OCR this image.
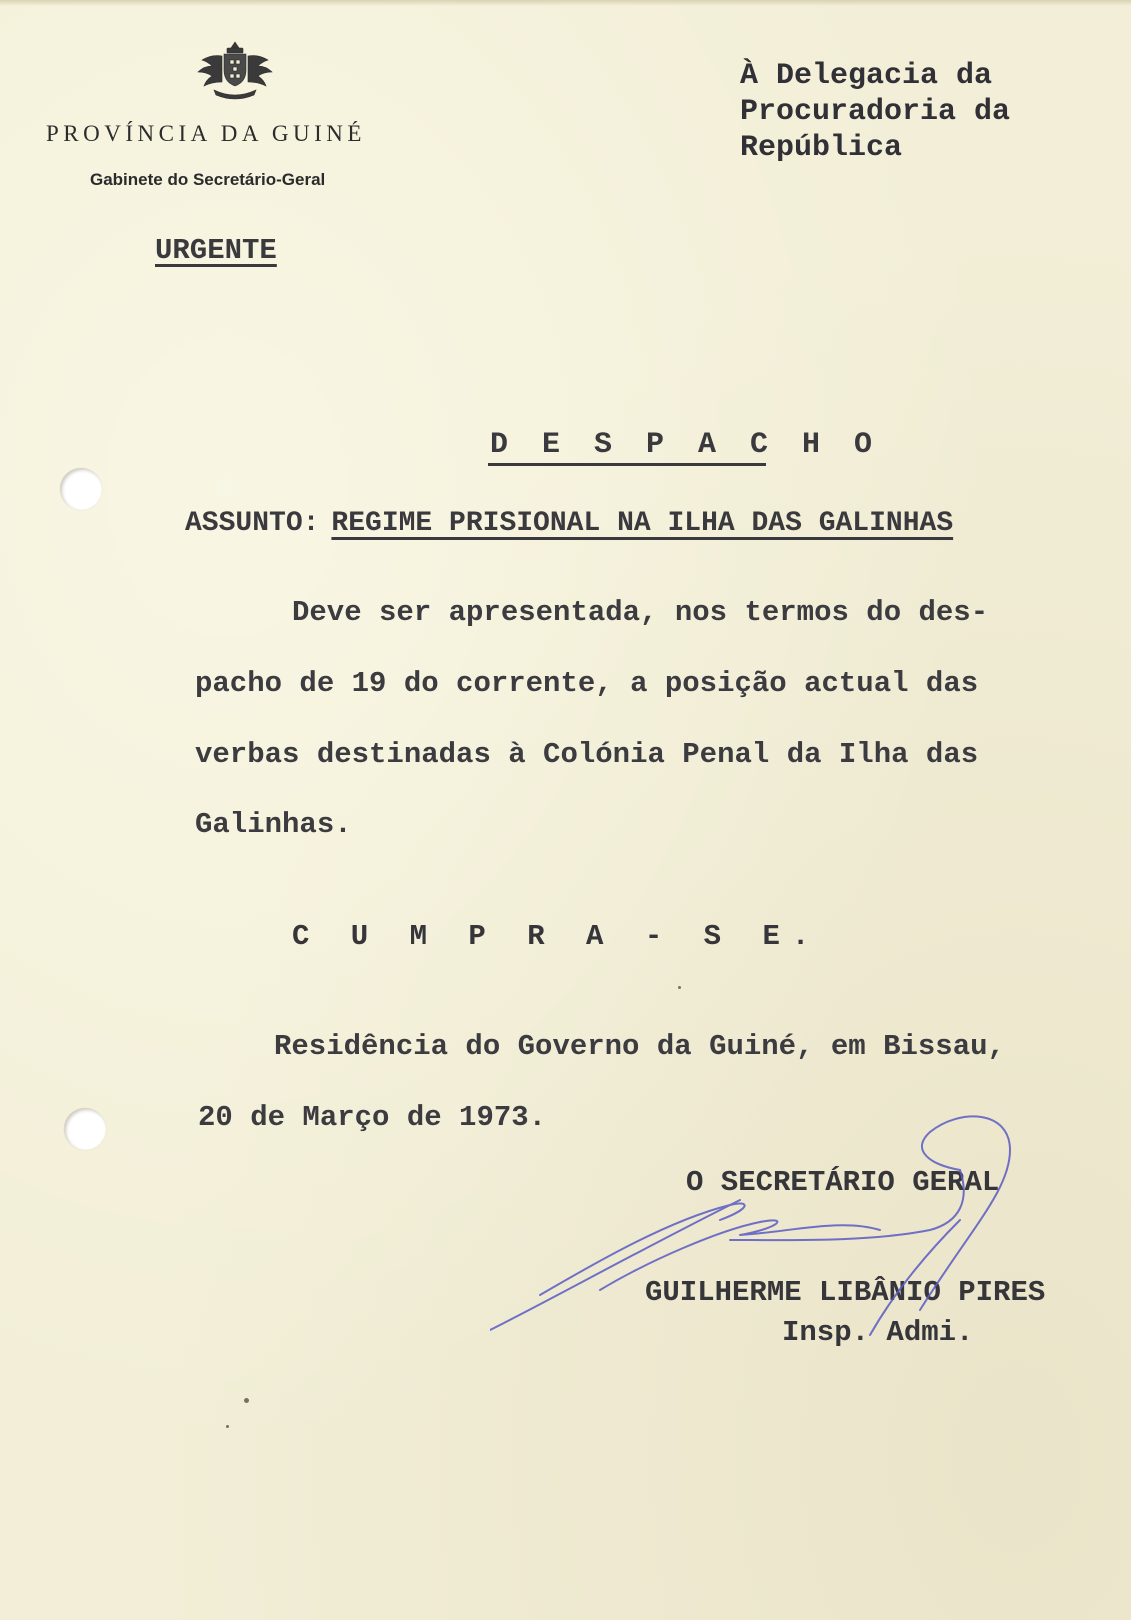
PROVÍNCIA DA GUINÉ
Gabinete do Secretário-Geral
À Delegacia da
Procuradoria da
República
URGENTE
D E S P A C H O
ASSUNTO: REGIME PRISIONAL NA ILHA DAS GALINHAS
Deve ser apresentada, nos termos do des-
pacho de 19 do corrente, a posição actual das
verbas destinadas à Colónia Penal da Ilha das
Galinhas.
C U M P R A - S E.
Residência do Governo da Guiné, em Bissau,
20 de Março de 1973.
O SECRETÁRIO GERAL
GUILHERME LIBÂNIO PIRES
Insp. Admi.
